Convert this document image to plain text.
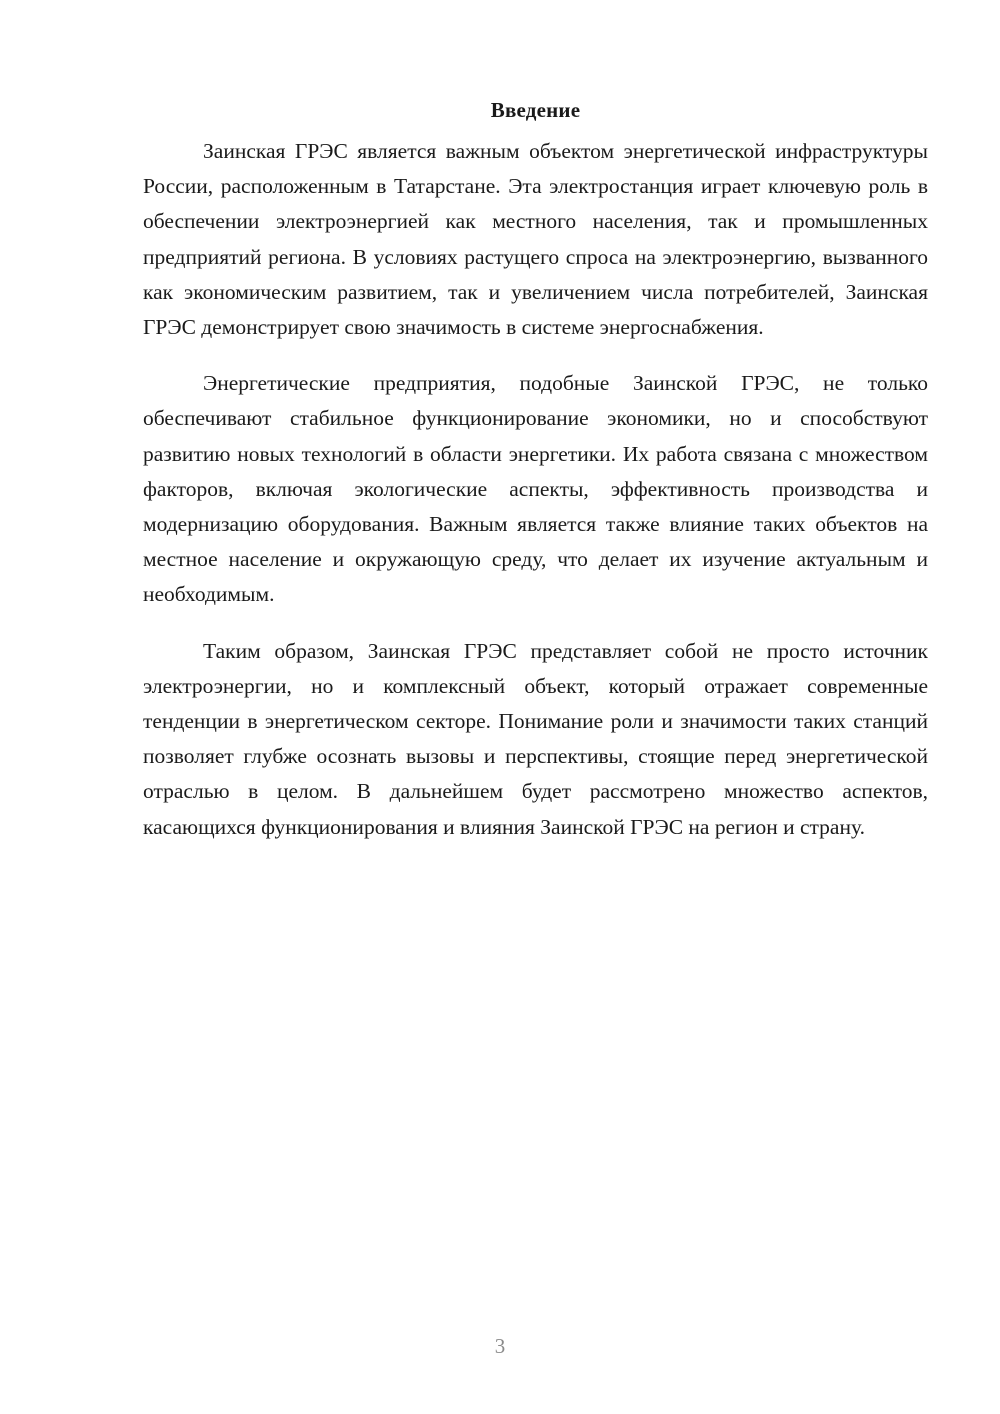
Введение

Заинская ГРЭС является важным объектом энергетической инфраструктуры России, расположенным в Татарстане. Эта электростанция играет ключевую роль в обеспечении электроэнергией как местного населения, так и промышленных предприятий региона. В условиях растущего спроса на электроэнергию, вызванного как экономическим развитием, так и увеличением числа потребителей, Заинская ГРЭС демонстрирует свою значимость в системе энергоснабжения.

Энергетические предприятия, подобные Заинской ГРЭС, не только обеспечивают стабильное функционирование экономики, но и способствуют развитию новых технологий в области энергетики. Их работа связана с множеством факторов, включая экологические аспекты, эффективность производства и модернизацию оборудования. Важным является также влияние таких объектов на местное население и окружающую среду, что делает их изучение актуальным и необходимым.

Таким образом, Заинская ГРЭС представляет собой не просто источник электроэнергии, но и комплексный объект, который отражает современные тенденции в энергетическом секторе. Понимание роли и значимости таких станций позволяет глубже осознать вызовы и перспективы, стоящие перед энергетической отраслью в целом. В дальнейшем будет рассмотрено множество аспектов, касающихся функционирования и влияния Заинской ГРЭС на регион и страну.

3
